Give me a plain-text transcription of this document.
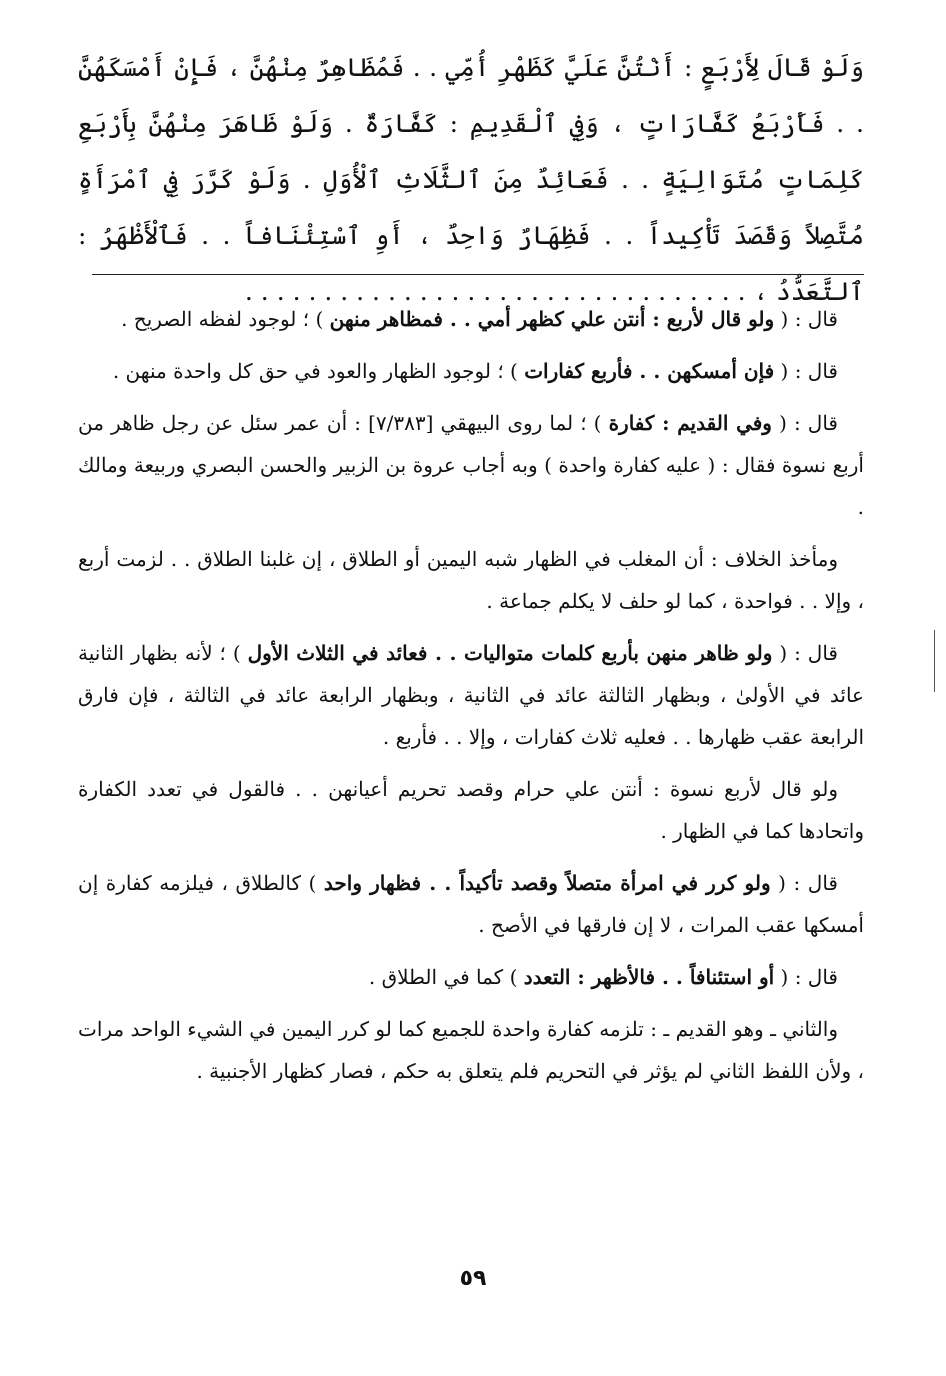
وَلَوْ قَالَ لِأَرْبَعٍ : أَنْتُنَّ عَلَيَّ كَظَهْرِ أُمِّي . . فَمُظَاهِرٌ مِنْهُنَّ ، فَإِنْ أَمْسَكَهُنَّ . . فَأَرْبَعُ كَفَّارَاتٍ ، وَفِي ٱلْقَدِيمِ : كَفَّارَةٌ . وَلَوْ ظَاهَرَ مِنْهُنَّ بِأَرْبَعِ كَلِمَاتٍ مُتَوَالِيَةٍ . . فَعَائِدٌ مِنَ ٱلثَّلَاثِ ٱلْأُوَلِ . وَلَوْ كَرَّرَ فِي ٱمْرَأَةٍ مُتَّصِلاً وَقَصَدَ تَأْكِيداً . . فَظِهَارٌ وَاحِدٌ ، أَوِ ٱسْتِئْنَافاً . . فَٱلْأَظْهَرُ : ٱلتَّعَدُّدُ ، . . . . . . . . . . . . . . . . . . . . . . . . . . . . . . . .

قال : ( ولو قال لأربع : أنتن علي كظهر أمي . . فمظاهر منهن ) ؛ لوجود لفظه الصريح .

قال : ( فإن أمسكهن . . فأربع كفارات ) ؛ لوجود الظهار والعود في حق كل واحدة منهن .

قال : ( وفي القديم : كفارة ) ؛ لما روى البيهقي [٧/٣٨٣] : أن عمر سئل عن رجل ظاهر من أربع نسوة فقال : ( عليه كفارة واحدة ) وبه أجاب عروة بن الزبير والحسن البصري وربيعة ومالك .

ومأخذ الخلاف : أن المغلب في الظهار شبه اليمين أو الطلاق ، إن غلبنا الطلاق . . لزمت أربع ، وإلا . . فواحدة ، كما لو حلف لا يكلم جماعة .

قال : ( ولو ظاهر منهن بأربع كلمات متواليات . . فعائد في الثلاث الأول ) ؛ لأنه بظهار الثانية عائد في الأولىٰ ، وبظهار الثالثة عائد في الثانية ، وبظهار الرابعة عائد في الثالثة ، فإن فارق الرابعة عقب ظهارها . . فعليه ثلاث كفارات ، وإلا . . فأربع .

ولو قال لأربع نسوة : أنتن علي حرام وقصد تحريم أعيانهن . . فالقول في تعدد الكفارة واتحادها كما في الظهار .

قال : ( ولو كرر في امرأة متصلاً وقصد تأكيداً . . فظهار واحد ) كالطلاق ، فيلزمه كفارة إن أمسكها عقب المرات ، لا إن فارقها في الأصح .

قال : ( أو استئنافاً . . فالأظهر : التعدد ) كما في الطلاق .

والثاني ـ وهو القديم ـ : تلزمه كفارة واحدة للجميع كما لو كرر اليمين في الشيء الواحد مرات ، ولأن اللفظ الثاني لم يؤثر في التحريم فلم يتعلق به حكم ، فصار كظهار الأجنبية .

٥٩
